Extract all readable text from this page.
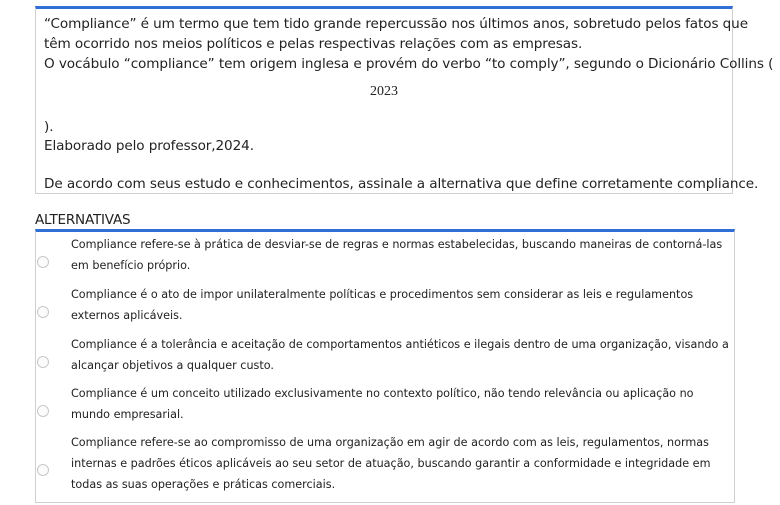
“Compliance” é um termo que tem tido grande repercussão nos últimos anos, sobretudo pelos fatos que
têm ocorrido nos meios políticos e pelas respectivas relações com as empresas.
O vocábulo “compliance” tem origem inglesa e provém do verbo “to comply”, segundo o Dicionário Collins (
2023
).
Elaborado pelo professor,2024.
De acordo com seus estudo e conhecimentos, assinale a alternativa que define corretamente compliance.
ALTERNATIVAS
Compliance refere-se à prática de desviar-se de regras e normas estabelecidas, buscando maneiras de contorná-las em benefício próprio.
Compliance é o ato de impor unilateralmente políticas e procedimentos sem considerar as leis e regulamentos externos aplicáveis.
Compliance é a tolerância e aceitação de comportamentos antiéticos e ilegais dentro de uma organização, visando a alcançar objetivos a qualquer custo.
Compliance é um conceito utilizado exclusivamente no contexto político, não tendo relevância ou aplicação no mundo empresarial.
Compliance refere-se ao compromisso de uma organização em agir de acordo com as leis, regulamentos, normas internas e padrões éticos aplicáveis ao seu setor de atuação, buscando garantir a conformidade e integridade em todas as suas operações e práticas comerciais.
